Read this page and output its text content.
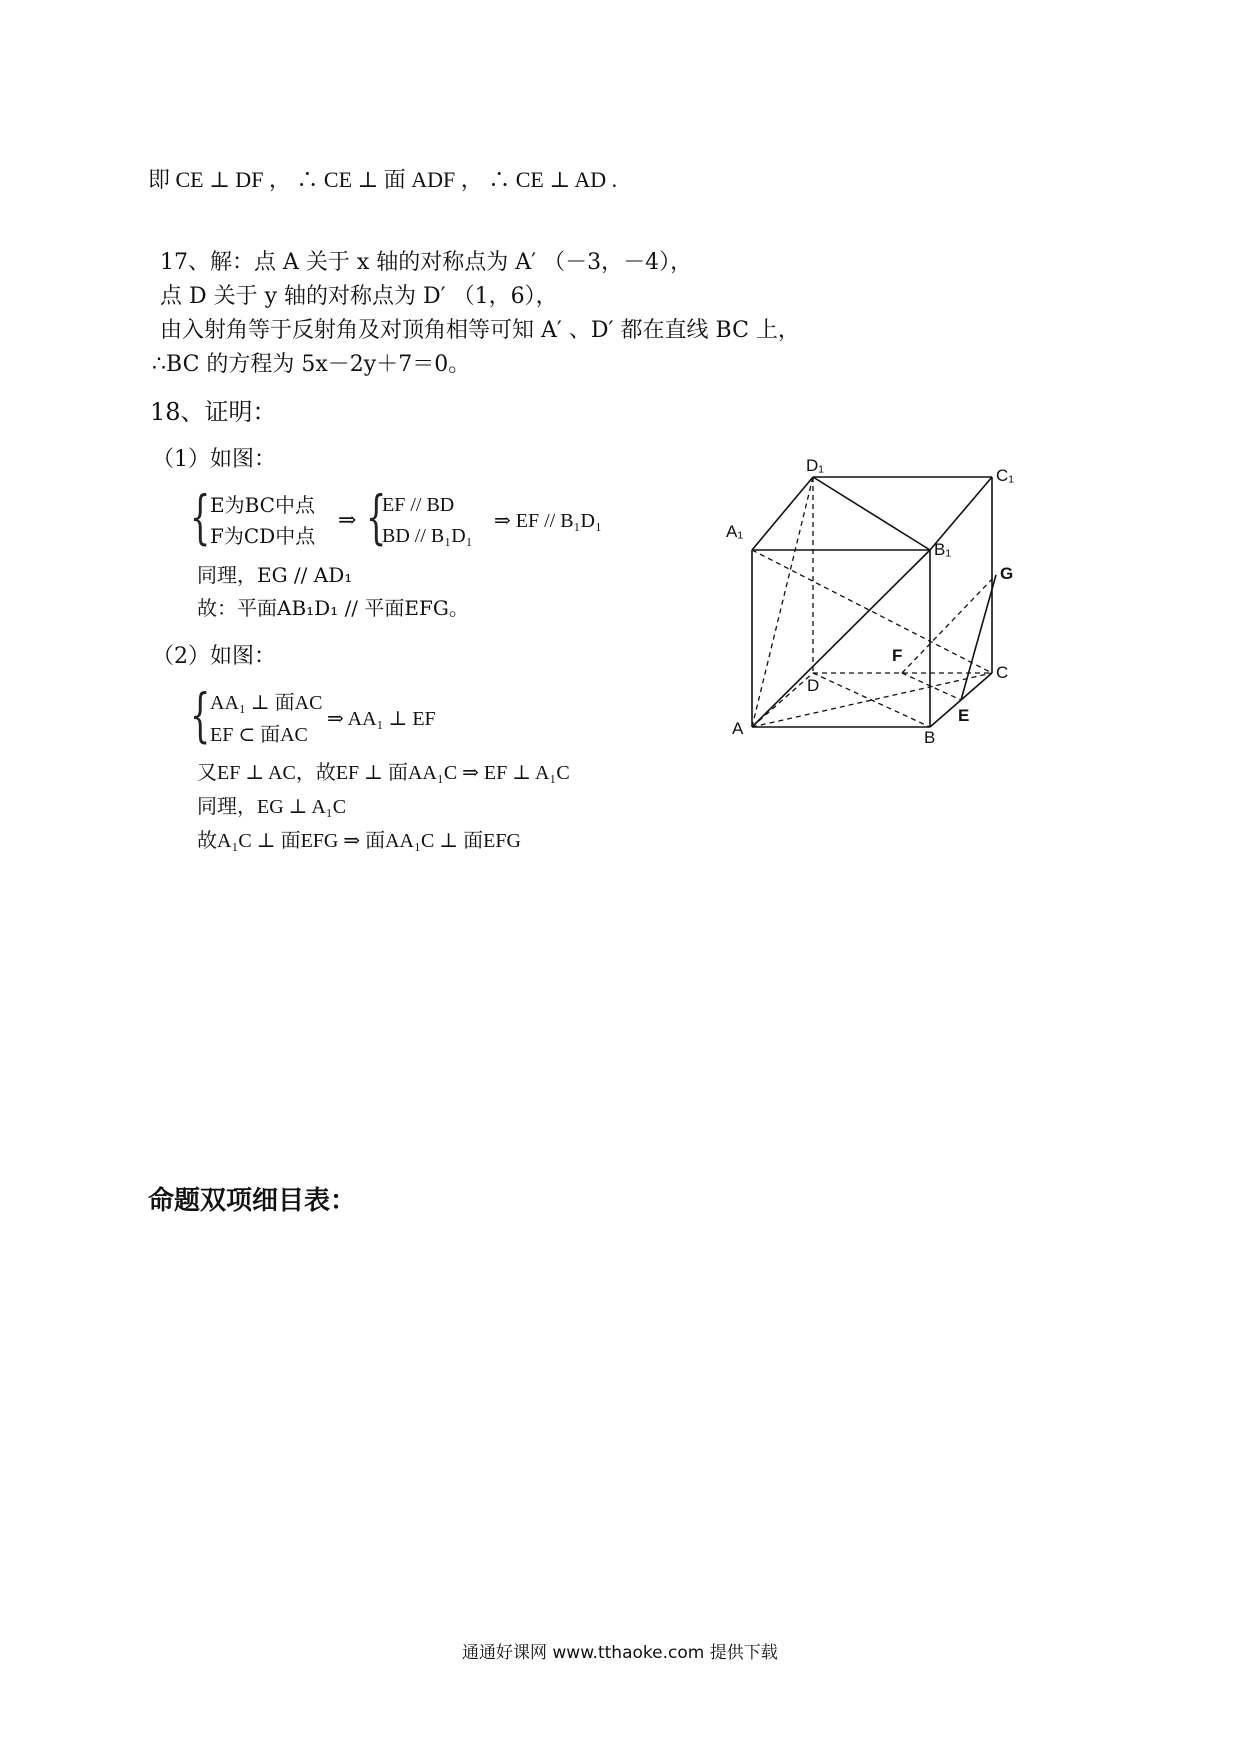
即 CE ⊥ DF ， ∴ CE ⊥ 面 ADF ， ∴ CE ⊥ AD .
17、解：点 A 关于 x 轴的对称点为 A′ （－3，－4），
点 D 关于 y 轴的对称点为 D′ （1，6），
由入射角等于反射角及对顶角相等可知 A′ 、D′ 都在直线 BC 上，
∴BC 的方程为 5x－2y＋7＝0。
18、证明：
（1）如图：
{ E为BC中点
F为CD中点
⇒ {
EF // BD
BD // B₁D₁
⇒ EF // B₁D₁
同理，EG // AD₁
故：平面AB₁D₁ // 平面EFG。
（2）如图：
{ AA₁ ⊥ 面AC
EF ⊂ 面AC
⇒ AA₁ ⊥ EF
又EF ⊥ AC，故EF ⊥ 面AA₁C ⇒ EF ⊥ A₁C
同理，EG ⊥ A₁C
故A₁C ⊥ 面EFG ⇒ 面AA₁C ⊥ 面EFG
D₁
C₁
A₁
B₁
G
F
D
C
A	B
E
命题双项细目表：
通通好课网 www.tthaoke.com 提供下载
